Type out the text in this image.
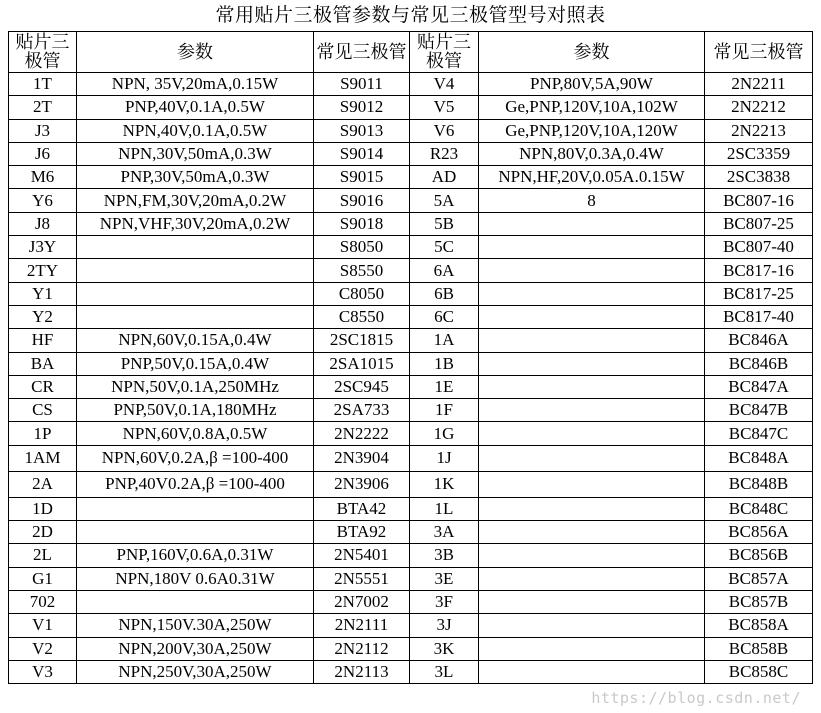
常用贴片三极管参数与常见三极管型号对照表
贴片三极管	参数	常见三极管	贴片三极管	参数	常见三极管
1T	NPN, 35V,20mA,0.15W	S9011	V4	PNP,80V,5A,90W	2N2211
2T	PNP,40V,0.1A,0.5W	S9012	V5	Ge,PNP,120V,10A,102W	2N2212
J3	NPN,40V,0.1A,0.5W	S9013	V6	Ge,PNP,120V,10A,120W	2N2213
J6	NPN,30V,50mA,0.3W	S9014	R23	NPN,80V,0.3A,0.4W	2SC3359
M6	PNP,30V,50mA,0.3W	S9015	AD	NPN,HF,20V,0.05A.0.15W	2SC3838
Y6	NPN,FM,30V,20mA,0.2W	S9016	5A	8	BC807-16
J8	NPN,VHF,30V,20mA,0.2W	S9018	5B		BC807-25
J3Y		S8050	5C		BC807-40
2TY		S8550	6A		BC817-16
Y1		C8050	6B		BC817-25
Y2		C8550	6C		BC817-40
HF	NPN,60V,0.15A,0.4W	2SC1815	1A		BC846A
BA	PNP,50V,0.15A,0.4W	2SA1015	1B		BC846B
CR	NPN,50V,0.1A,250MHz	2SC945	1E		BC847A
CS	PNP,50V,0.1A,180MHz	2SA733	1F		BC847B
1P	NPN,60V,0.8A,0.5W	2N2222	1G		BC847C
1AM	NPN,60V,0.2A,β =100-400	2N3904	1J		BC848A
2A	PNP,40V0.2A,β =100-400	2N3906	1K		BC848B
1D		BTA42	1L		BC848C
2D		BTA92	3A		BC856A
2L	PNP,160V,0.6A,0.31W	2N5401	3B		BC856B
G1	NPN,180V 0.6A0.31W	2N5551	3E		BC857A
702		2N7002	3F		BC857B
V1	NPN,150V.30A,250W	2N2111	3J		BC858A
V2	NPN,200V,30A,250W	2N2112	3K		BC858B
V3	NPN,250V,30A,250W	2N2113	3L		BC858C
https://blog.csdn.net/
